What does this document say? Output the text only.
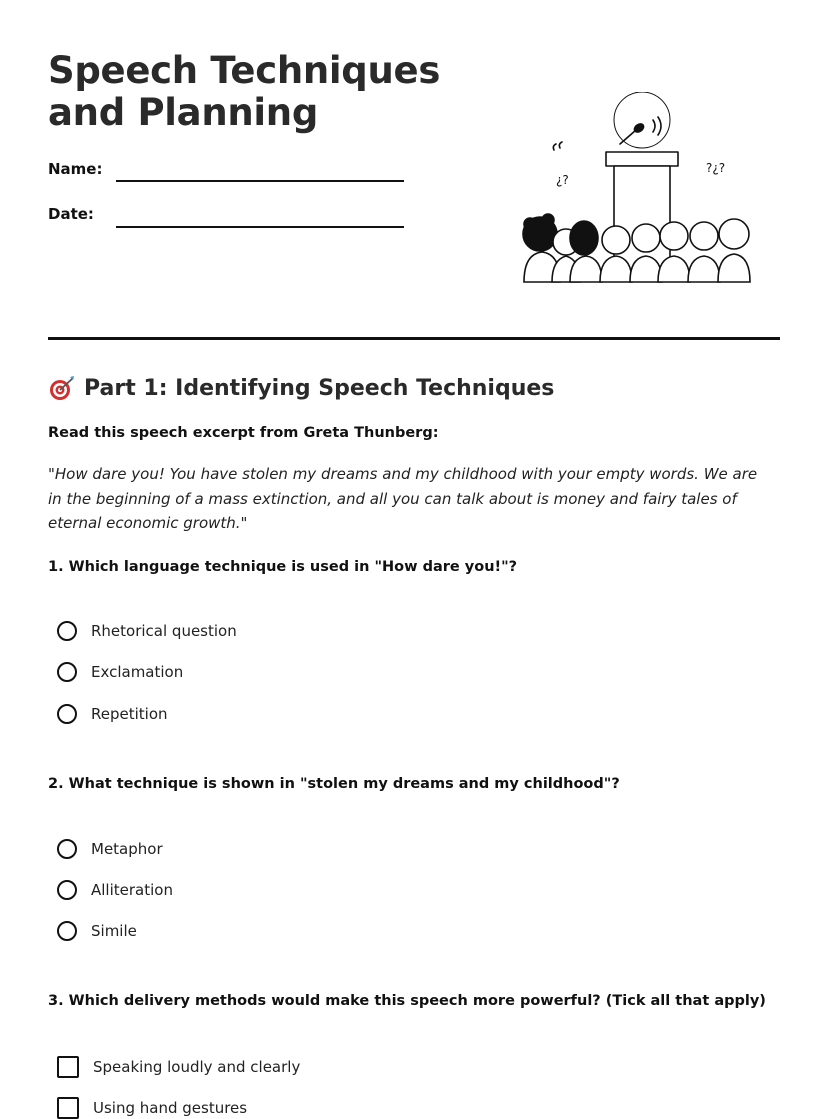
Speech Techniques and Planning
Name:
Date:
¿?
?¿?
Part 1: Identifying Speech Techniques
Read this speech excerpt from Greta Thunberg:

"How dare you! You have stolen my dreams and my childhood with your empty words. We are in the beginning of a mass extinction, and all you can talk about is money and fairy tales of eternal economic growth."

1. Which language technique is used in "How dare you!"?
Rhetorical question
Exclamation
Repetition
2. What technique is shown in "stolen my dreams and my childhood"?
Metaphor
Alliteration
Simile
3. Which delivery methods would make this speech more powerful? (Tick all that apply)
Speaking loudly and clearly
Using hand gestures
